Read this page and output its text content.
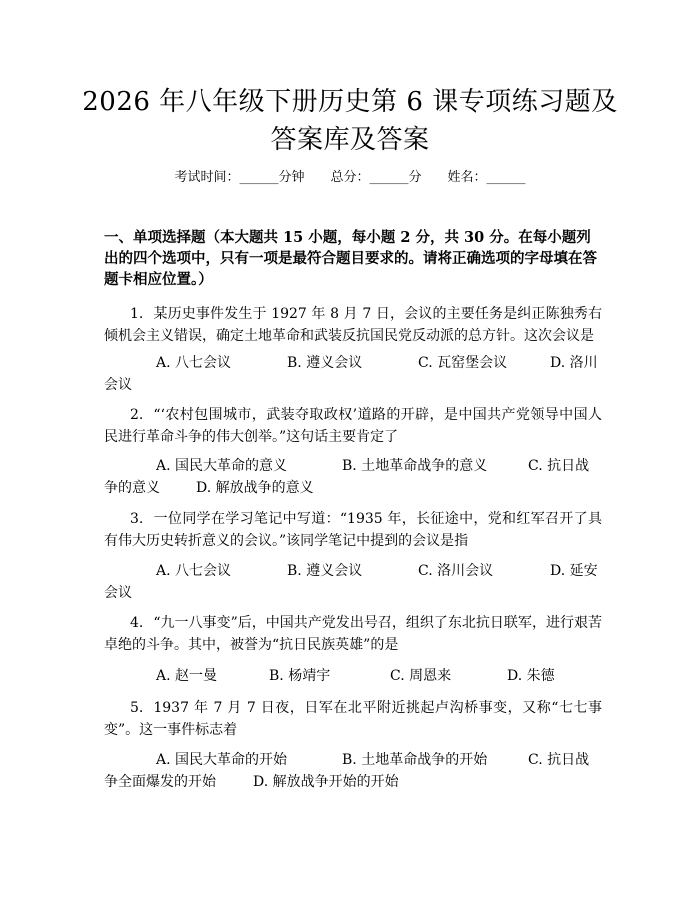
2026 年八年级下册历史第 6 课专项练习题及
答案库及答案
考试时间：______分钟 总分：______分 姓名：______
一、单项选择题（本大题共 15 小题，每小题 2 分，共 30 分。在每小题列出的四个选项中，只有一项是最符合题目要求的。请将正确选项的字母填在答题卡相应位置。）
1. 某历史事件发生于 1927 年 8 月 7 日，会议的主要任务是纠正陈独秀右倾机会主义错误，确定土地革命和武装反抗国民党反动派的总方针。这次会议是
A. 八七会议	B. 遵义会议	C. 瓦窑堡会议	D. 洛川
会议
2. “‘农村包围城市，武装夺取政权’道路的开辟，是中国共产党领导中国人民进行革命斗争的伟大创举。”这句话主要肯定了
A. 国民大革命的意义	B. 土地革命战争的意义	C. 抗日战
争的意义	D. 解放战争的意义
3. 一位同学在学习笔记中写道：“1935 年，长征途中，党和红军召开了具有伟大历史转折意义的会议。”该同学笔记中提到的会议是指
A. 八七会议	B. 遵义会议	C. 洛川会议	D. 延安
会议
4. “九一八事变”后，中国共产党发出号召，组织了东北抗日联军，进行艰苦卓绝的斗争。其中，被誉为“抗日民族英雄”的是
A. 赵一曼	B. 杨靖宇	C. 周恩来	D. 朱德
5. 1937 年 7 月 7 日夜，日军在北平附近挑起卢沟桥事变，又称“七七事变”。这一事件标志着
A. 国民大革命的开始	B. 土地革命战争的开始	C. 抗日战
争全面爆发的开始	D. 解放战争开始的开始
